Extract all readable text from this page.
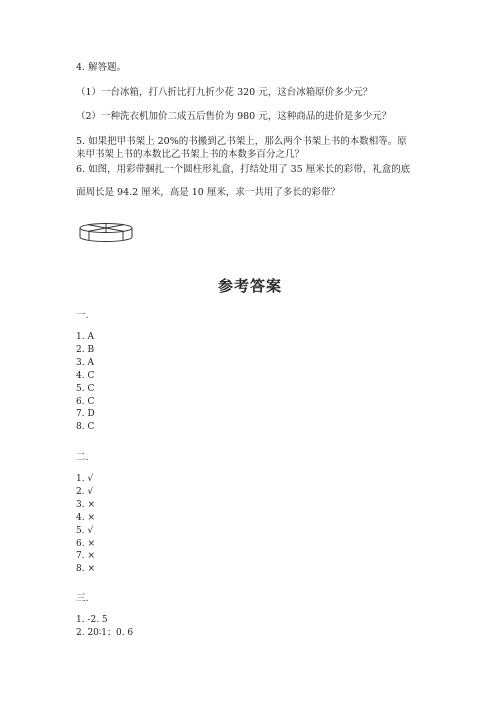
4. 解答题。
（1）一台冰箱，打八折比打九折少花 320 元，这台冰箱原价多少元？
（2）一种洗衣机加价二成五后售价为 980 元，这种商品的进价是多少元？
5. 如果把甲书架上 20%的书搬到乙书架上，那么两个书架上书的本数相等。原
来甲书架上书的本数比乙书架上书的本数多百分之几？
6. 如图，用彩带捆扎一个圆柱形礼盒，打结处用了 35 厘米长的彩带，礼盒的底
面周长是 94.2 厘米，高是 10 厘米，求一共用了多长的彩带？
参考答案
一.
1. A
2. B
3. A
4. C
5. C
6. C
7. D
8. C
二.
1. √
2. √
3. ×
4. ×
5. √
6. ×
7. ×
8. ×
三.
1. -2. 5
2. 20∶1；0. 6
